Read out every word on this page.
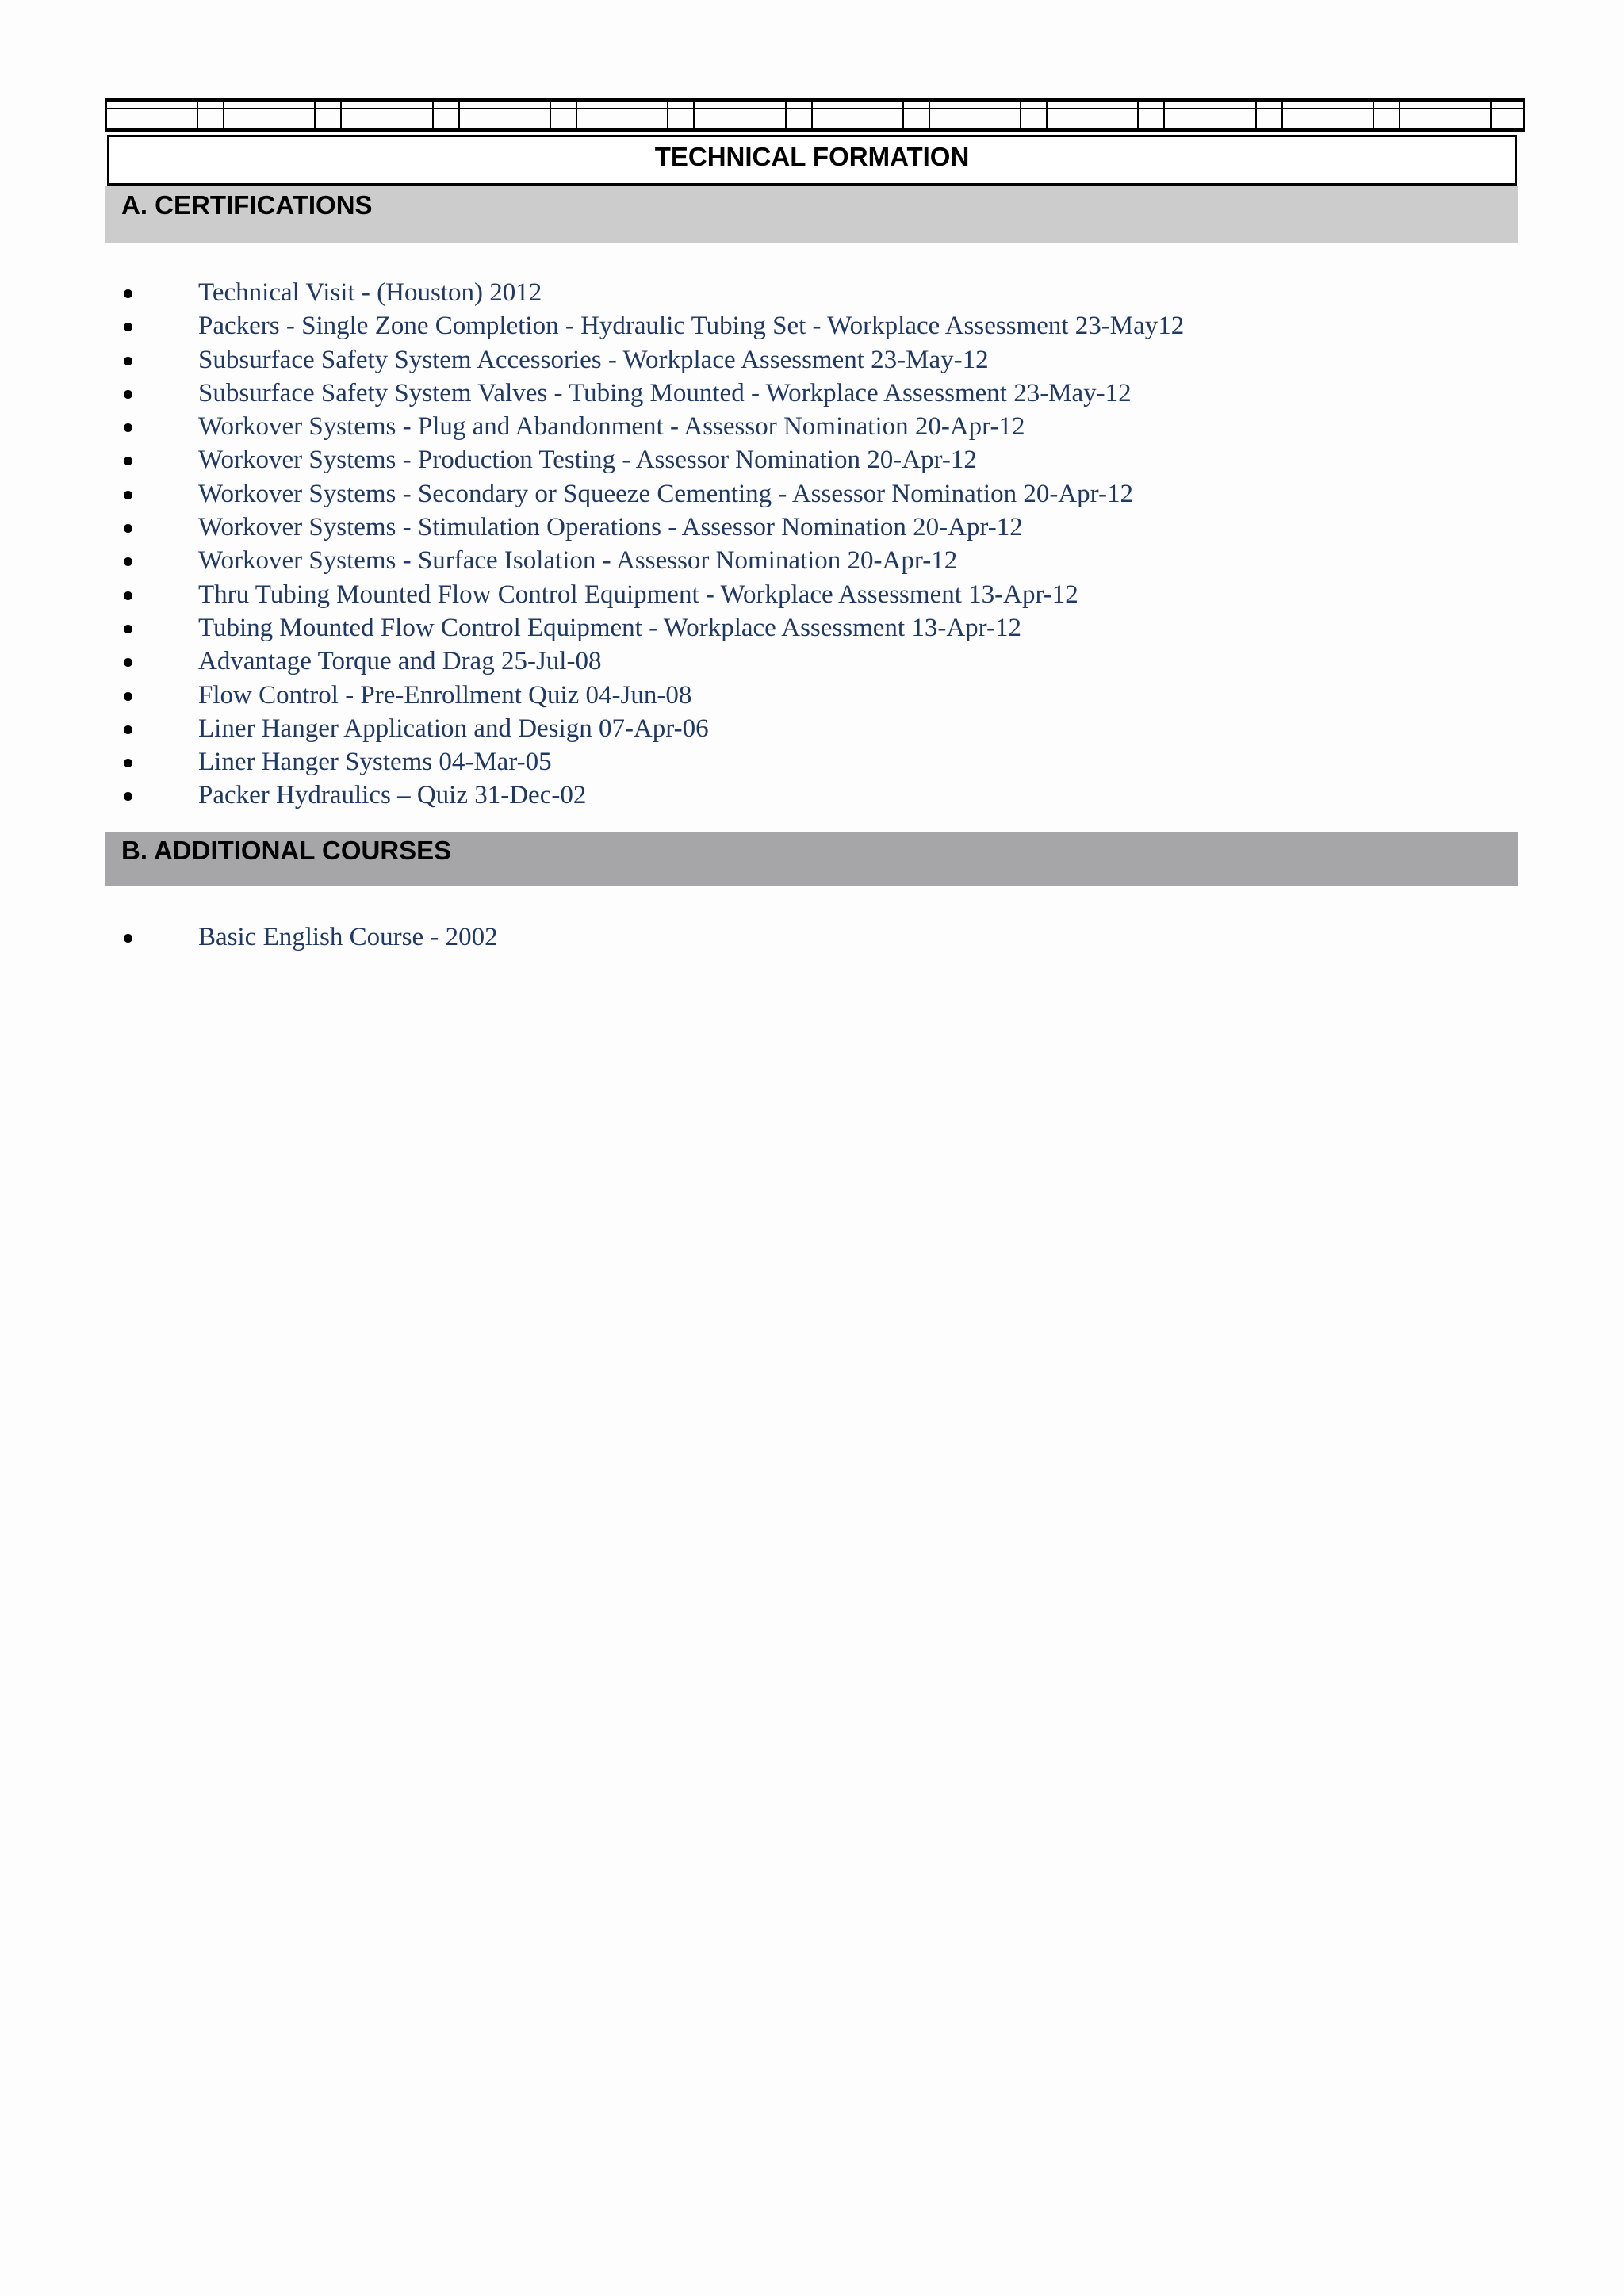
TECHNICAL FORMATION
A. CERTIFICATIONS
Technical Visit - (Houston) 2012
Packers - Single Zone Completion - Hydraulic Tubing Set - Workplace Assessment 23-May12
Subsurface Safety System Accessories - Workplace Assessment 23-May-12
Subsurface Safety System Valves - Tubing Mounted - Workplace Assessment 23-May-12
Workover Systems - Plug and Abandonment - Assessor Nomination 20-Apr-12
Workover Systems - Production Testing - Assessor Nomination 20-Apr-12
Workover Systems - Secondary or Squeeze Cementing - Assessor Nomination 20-Apr-12
Workover Systems - Stimulation Operations - Assessor Nomination 20-Apr-12
Workover Systems - Surface Isolation - Assessor Nomination 20-Apr-12
Thru Tubing Mounted Flow Control Equipment - Workplace Assessment 13-Apr-12
Tubing Mounted Flow Control Equipment - Workplace Assessment 13-Apr-12
Advantage Torque and Drag 25-Jul-08
Flow Control - Pre-Enrollment Quiz 04-Jun-08
Liner Hanger Application and Design 07-Apr-06
Liner Hanger Systems 04-Mar-05
Packer Hydraulics – Quiz 31-Dec-02
B. ADDITIONAL COURSES
Basic English Course - 2002
